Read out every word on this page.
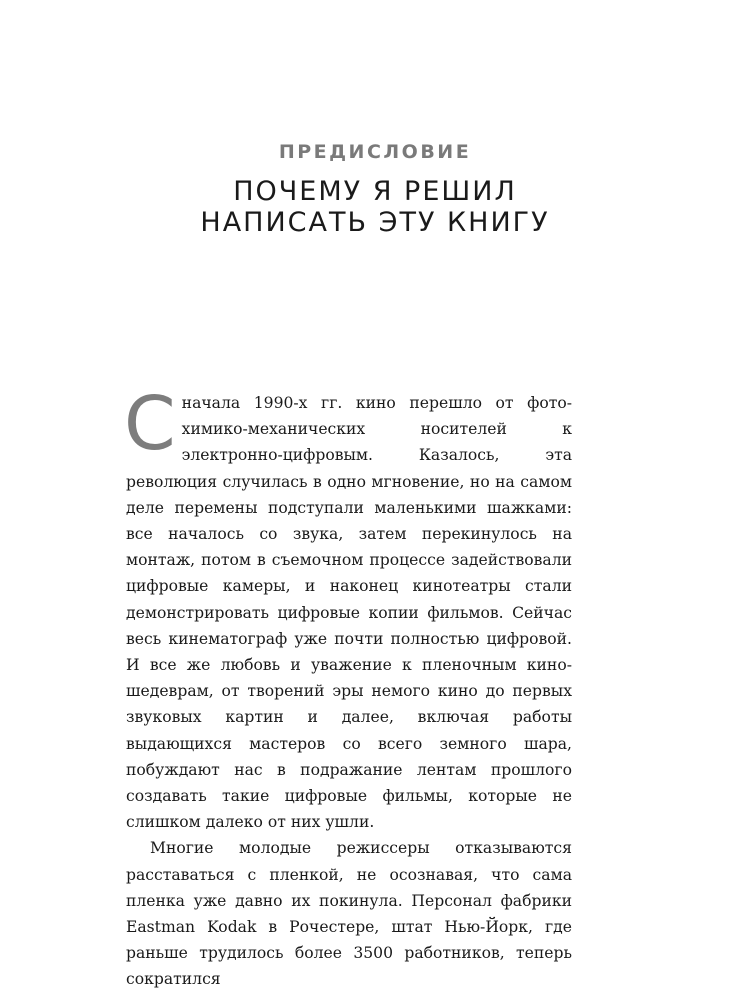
ПРЕДИСЛОВИЕ
ПОЧЕМУ Я РЕШИЛ
НАПИСАТЬ ЭТУ КНИГУ

Сначала 1990-х гг. кино перешло от фото-химико-механических носителей к электронно-цифровым. Казалось, эта революция случилась в одно мгновение, но на самом деле перемены подступали маленькими шажками: все началось со звука, затем перекинулось на монтаж, потом в съемочном процессе задействовали цифровые камеры, и наконец кинотеатры стали демонстрировать цифровые копии фильмов. Сейчас весь кинематограф уже почти полностью цифровой. И все же любовь и уважение к пленочным кино-шедеврам, от творений эры немого кино до первых звуковых картин и далее, включая работы выдающихся мастеров со всего земного шара, побуждают нас в подражание лентам прошлого создавать такие цифровые фильмы, которые не слишком далеко от них ушли.

Многие молодые режиссеры отказываются расставаться с пленкой, не осознавая, что сама пленка уже давно их покинула. Персонал фабрики Eastman Kodak в Рочестере, штат Нью-Йорк, где раньше трудилось более 3500 работников, теперь сократился
